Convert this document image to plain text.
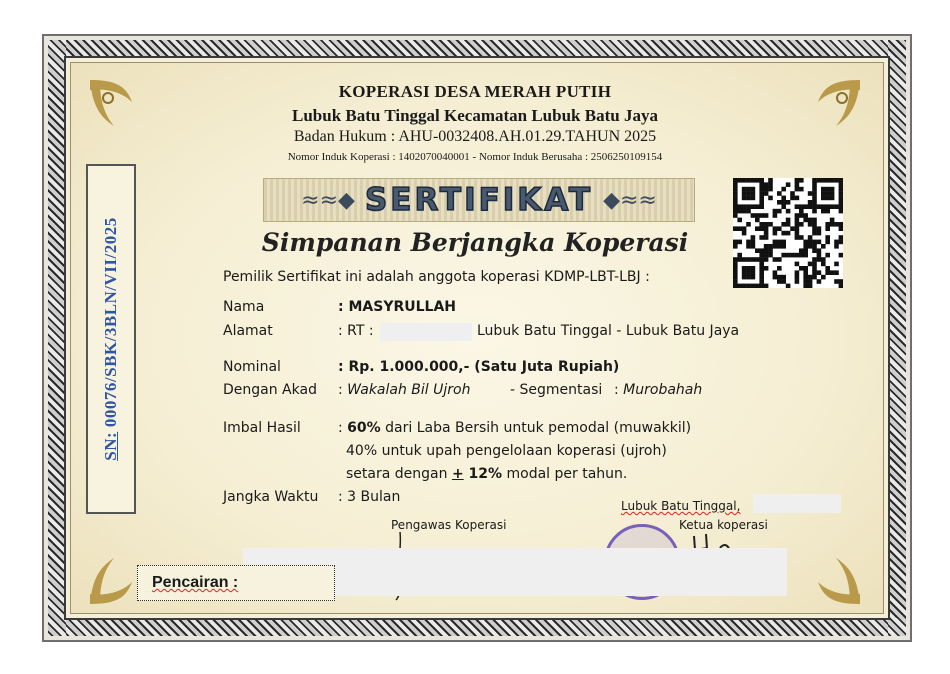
KOPERASI DESA MERAH PUTIH
Lubuk Batu Tinggal Kecamatan Lubuk Batu Jaya
Badan Hukum : AHU-0032408.AH.01.29.TAHUN 2025
Nomor Induk Koperasi : 1402070040001 - Nomor Induk Berusaha : 2506250109154
≈≈◆ SERTIFIKAT ◆≈≈
Simpanan Berjangka Koperasi
SN: 00076/SBK/3BLN/VII/2025	Pemilik Sertifikat ini adalah anggota koperasi KDMP-LBT-LBJ :
Nama	: MASYRULLAH
Alamat	: RT :	Lubuk Batu Tinggal - Lubuk Batu Jaya
Nominal	: Rp. 1.000.000,- (Satu Juta Rupiah)
Dengan Akad : Wakalah Bil Ujroh	- Segmentasi : Murobahah
Imbal Hasil	: 60% dari Laba Bersih untuk pemodal (muwakkil)
40% untuk upah pengelolaan koperasi (ujroh)
setara dengan + 12% modal per tahun.
Jangka Waktu : 3 Bulan
Lubuk Batu Tinggal,
Pengawas Koperasi	Ketua koperasi
Pencairan :
